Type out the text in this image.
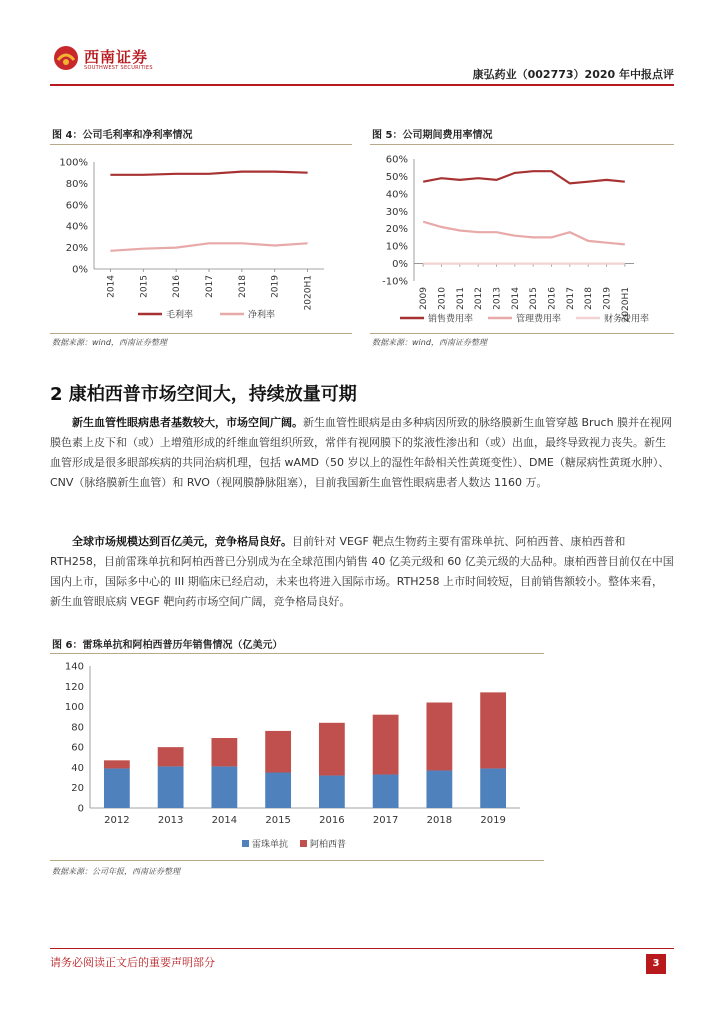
西南证券
SOUTHWEST SECURITIES	康弘药业（002773）2020 年中报点评
图 4：公司毛利率和净利率情况
0%
20%
40%
60%
80%
100%
2014	2015	2016	2017	2018	2019	2020H1
毛利率	净利率
数据来源：wind，西南证券整理
图 5：公司期间费用率情况
-10%
0%
10%
20%
30%
40%
50%
60%
2009 2010 2011 2012 2013 2014 2015 2016 2017 2018 2019 2020H1
销售费用率	管理费用率	财务费用率
数据来源：wind，西南证券整理
2 康柏西普市场空间大，持续放量可期

新生血管性眼病患者基数较大，市场空间广阔。新生血管性眼病是由多种病因所致的脉络膜新生血管穿越 Bruch 膜并在视网膜色素上皮下和（或）上增殖形成的纤维血管组织所致，常伴有视网膜下的浆液性渗出和（或）出血，最终导致视力丧失。新生血管形成是很多眼部疾病的共同治病机理，包括 wAMD（50 岁以上的湿性年龄相关性黄斑变性）、DME（糖尿病性黄斑水肿）、CNV（脉络膜新生血管）和 RVO（视网膜静脉阻塞），目前我国新生血管性眼病患者人数达 1160 万。

全球市场规模达到百亿美元，竞争格局良好。目前针对 VEGF 靶点生物药主要有雷珠单抗、阿柏西普、康柏西普和 RTH258，目前雷珠单抗和阿柏西普已分别成为在全球范围内销售 40 亿美元级和 60 亿美元级的大品种。康柏西普目前仅在中国国内上市，国际多中心的 III 期临床已经启动，未来也将进入国际市场。RTH258 上市时间较短，目前销售额较小。整体来看，新生血管眼底病 VEGF 靶向药市场空间广阔，竞争格局良好。

图 6：雷珠单抗和阿柏西普历年销售情况（亿美元）
0
20
40
60
80
100
120
140
2012	2013	2014	2015	2016	2017	2018	2019
雷珠单抗 阿柏西普
数据来源：公司年报，西南证券整理
请务必阅读正文后的重要声明部分	3
